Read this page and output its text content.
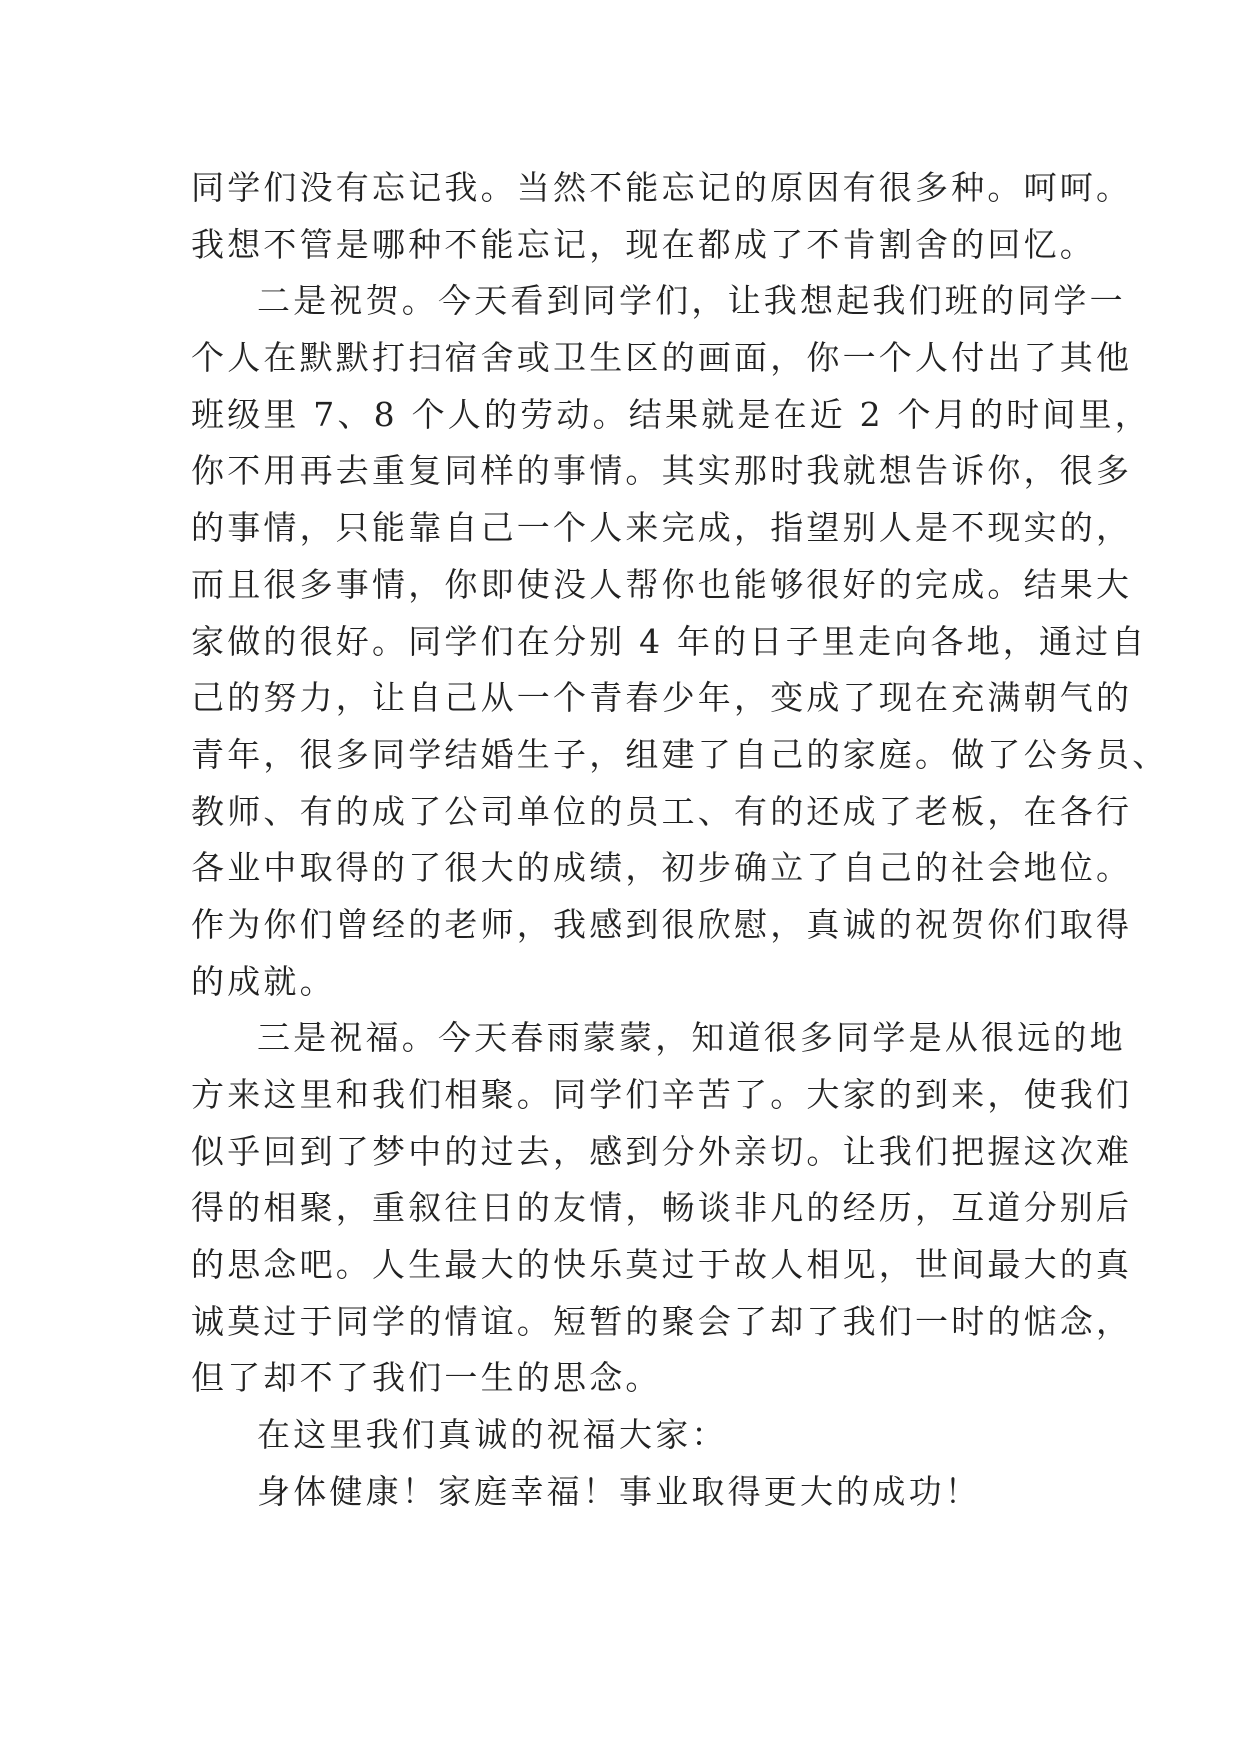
同学们没有忘记我。当然不能忘记的原因有很多种。呵呵。

我想不管是哪种不能忘记，现在都成了不肯割舍的回忆。

二是祝贺。今天看到同学们，让我想起我们班的同学一

个人在默默打扫宿舍或卫生区的画面，你一个人付出了其他

班级里 7、8 个人的劳动。结果就是在近 2 个月的时间里，

你不用再去重复同样的事情。其实那时我就想告诉你，很多

的事情，只能靠自己一个人来完成，指望别人是不现实的，

而且很多事情，你即使没人帮你也能够很好的完成。结果大

家做的很好。同学们在分别 4 年的日子里走向各地，通过自

己的努力，让自己从一个青春少年，变成了现在充满朝气的

青年，很多同学结婚生子，组建了自己的家庭。做了公务员、

教师、有的成了公司单位的员工、有的还成了老板，在各行

各业中取得的了很大的成绩，初步确立了自己的社会地位。

作为你们曾经的老师，我感到很欣慰，真诚的祝贺你们取得

的成就。

三是祝福。今天春雨蒙蒙，知道很多同学是从很远的地

方来这里和我们相聚。同学们辛苦了。大家的到来，使我们

似乎回到了梦中的过去，感到分外亲切。让我们把握这次难

得的相聚，重叙往日的友情，畅谈非凡的经历，互道分别后

的思念吧。人生最大的快乐莫过于故人相见，世间最大的真

诚莫过于同学的情谊。短暂的聚会了却了我们一时的惦念，

但了却不了我们一生的思念。

在这里我们真诚的祝福大家：

身体健康！家庭幸福！事业取得更大的成功！
